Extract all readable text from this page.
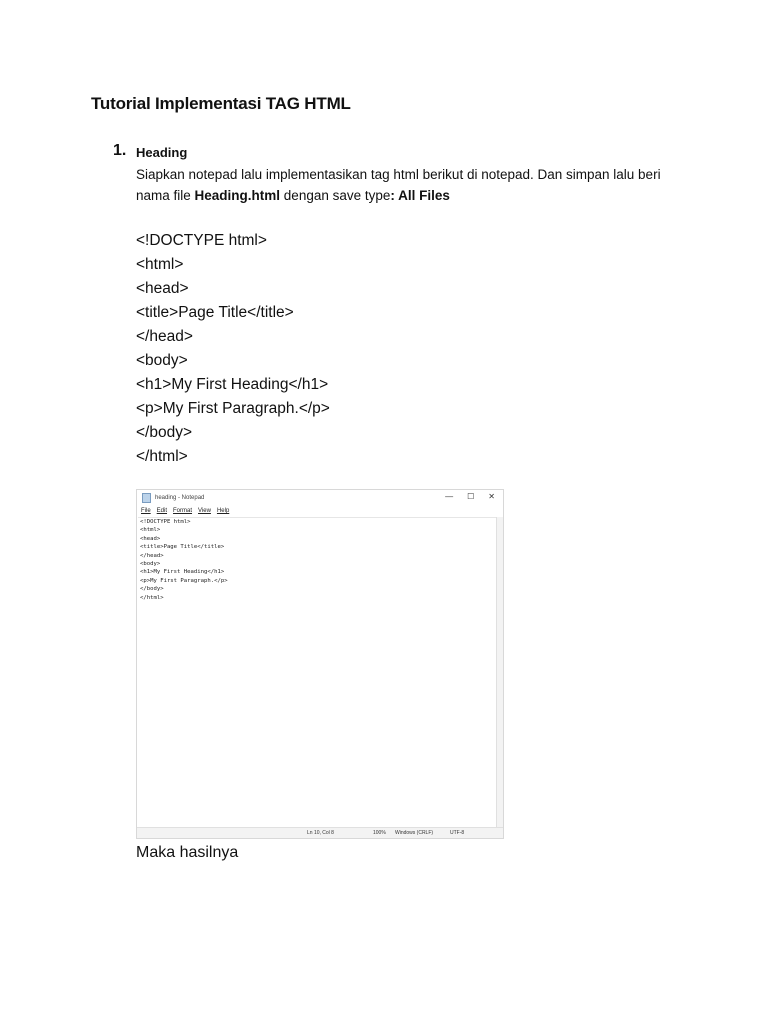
Tutorial Implementasi TAG HTML
1. Heading
Siapkan notepad lalu implementasikan tag html berikut di notepad. Dan simpan lalu beri nama file Heading.html dengan save type: All Files
<!DOCTYPE html>
<html>
<head>
<title>Page Title</title>
</head>
<body>
<h1>My First Heading</h1>
<p>My First Paragraph.</p>
</body>
</html>
heading - Notepad	— ☐ ✕
File Edit Format View Help
<!DOCTYPE html>
<html>
<head>
<title>Page Title</title>
</head>
<body>
<h1>My First Heading</h1>
<p>My First Paragraph.</p>
</body>
</html>
Ln 10, Col 8	100% Windows (CRLF)	UTF-8
Maka hasilnya
